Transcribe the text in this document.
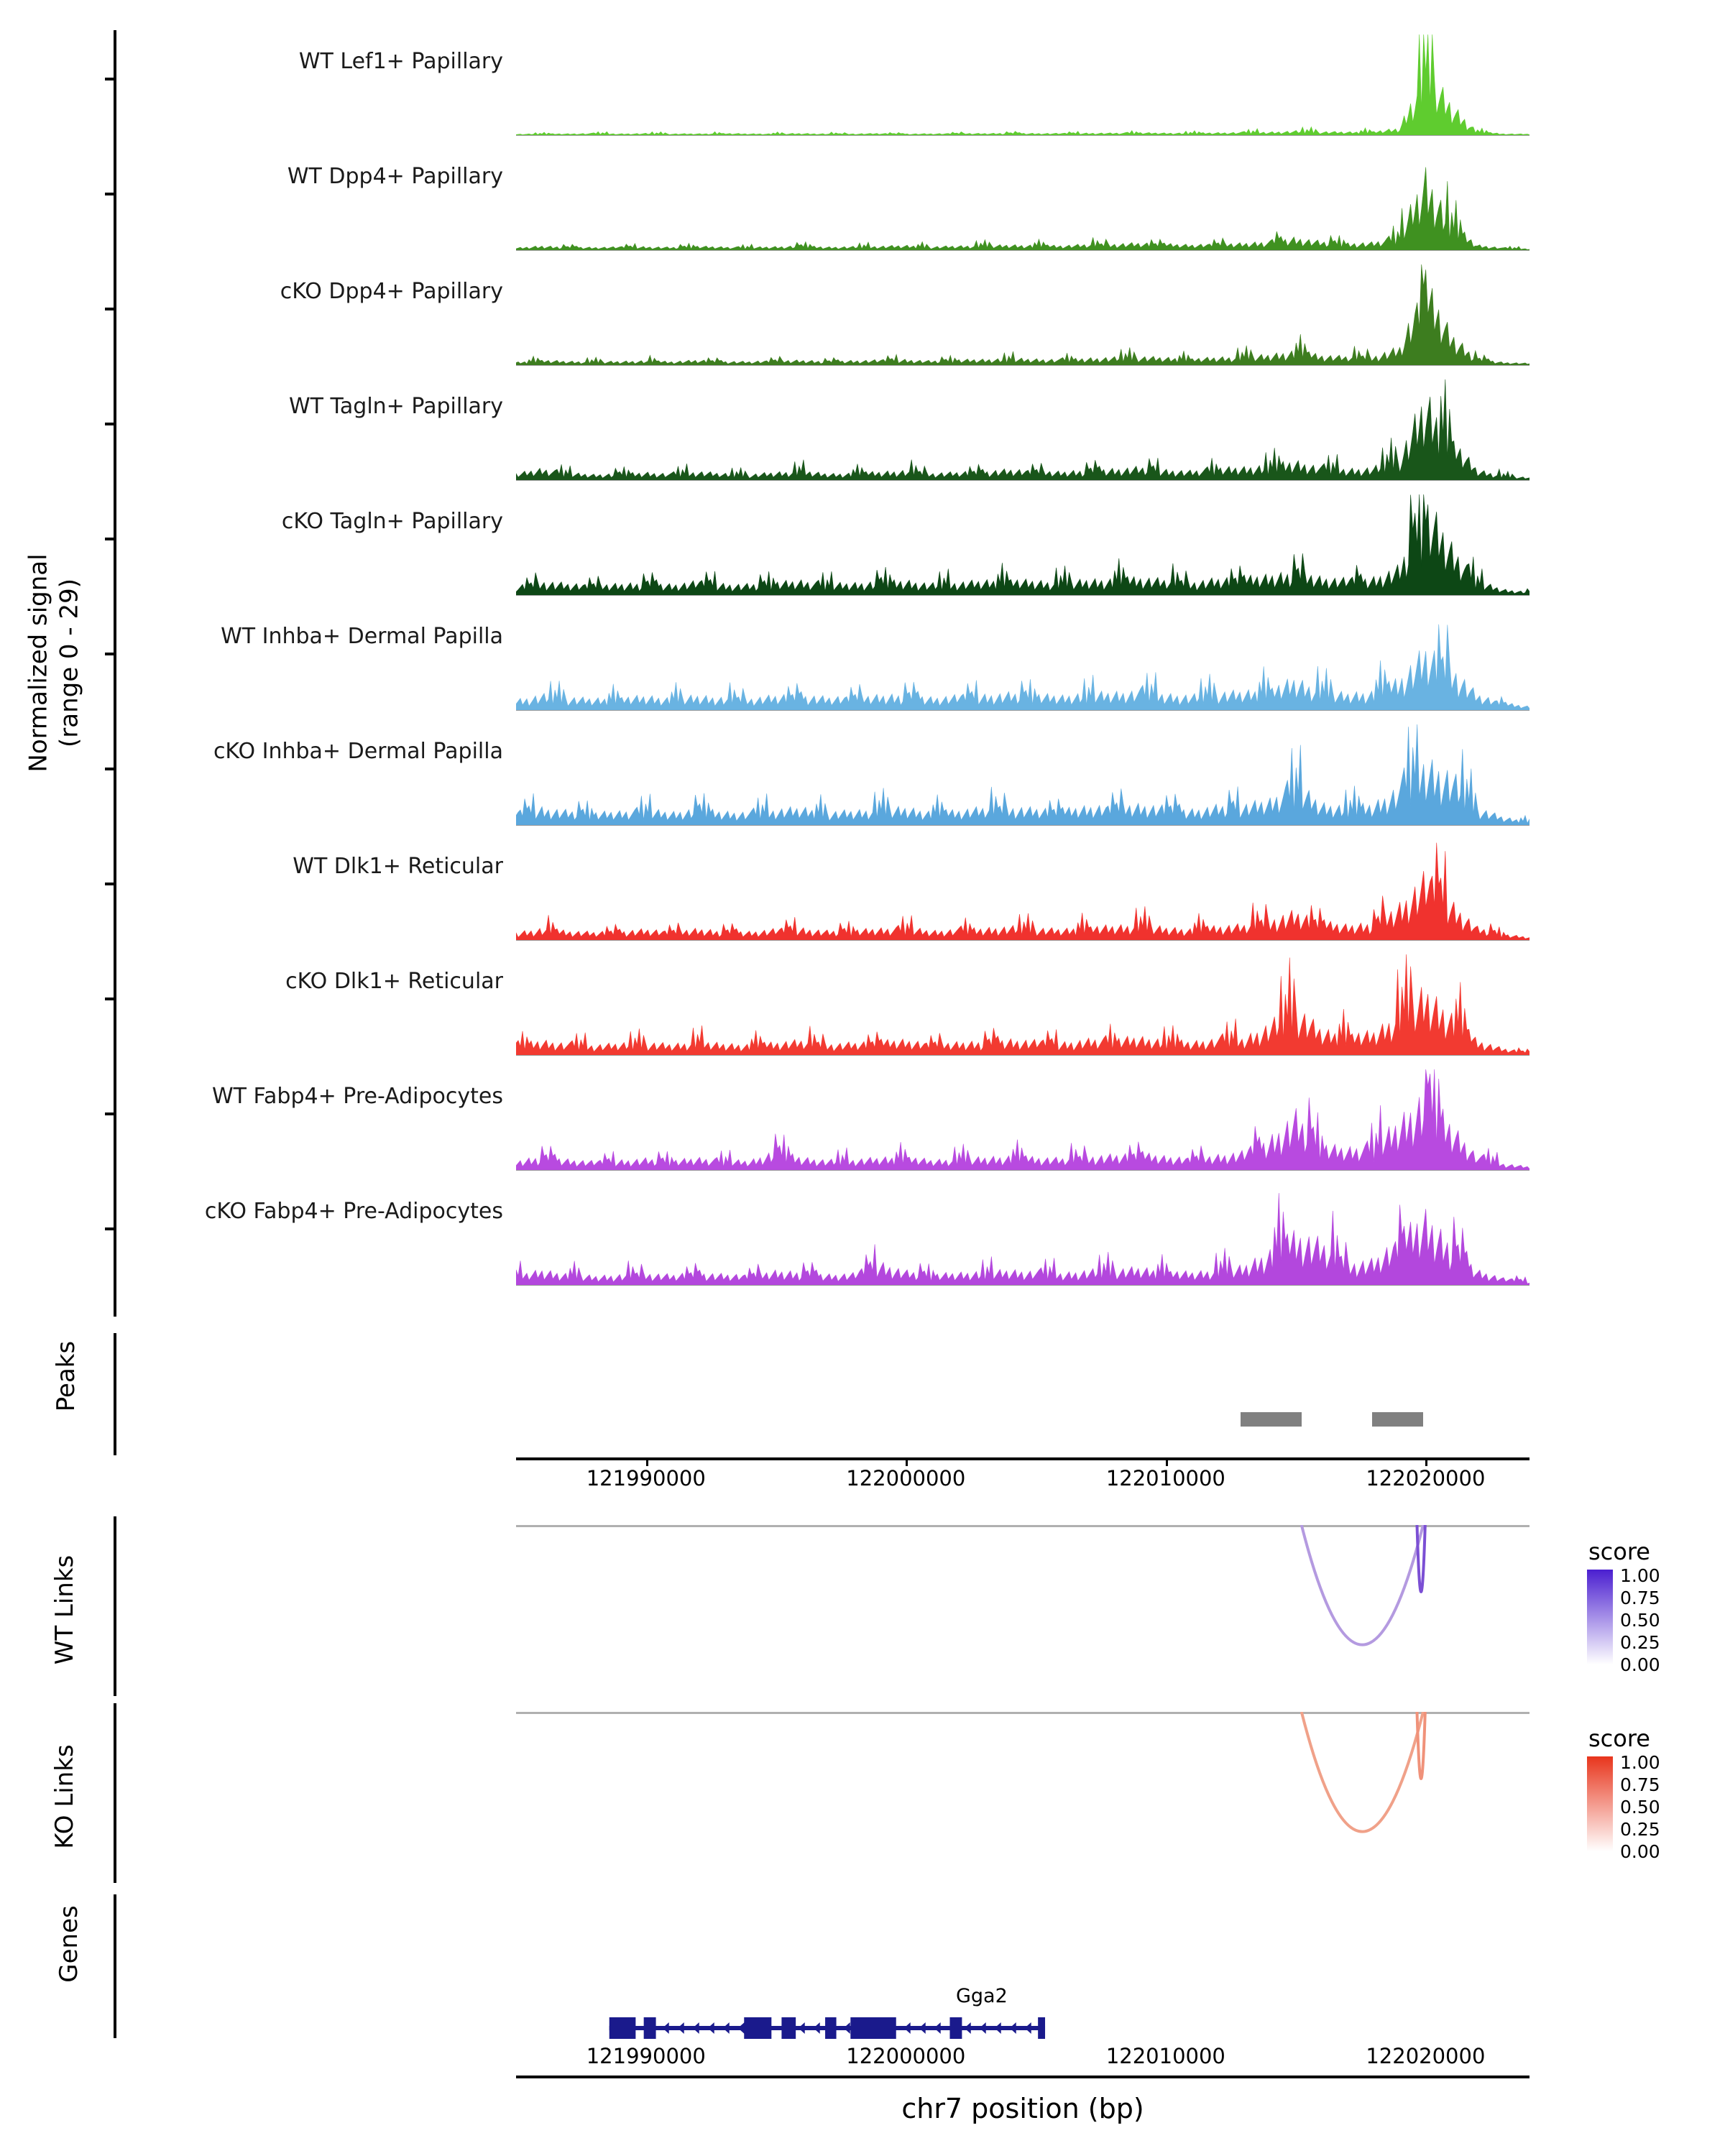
Normalized signal
(range 0 - 29)
WT Lef1+ Papillary
WT Dpp4+ Papillary
cKO Dpp4+ Papillary
WT Tagln+ Papillary
cKO Tagln+ Papillary
WT Inhba+ Dermal Papilla
cKO Inhba+ Dermal Papilla
WT Dlk1+ Reticular
cKO Dlk1+ Reticular
WT Fabp4+ Pre-Adipocytes
cKO Fabp4+ Pre-Adipocytes
Peaks
121990000	122000000	122010000	122020000
WT Links
score
1.00
0.75
0.50
0.25
0.00
KO Links
score
1.00
0.75
0.50
0.25
0.00
Genes
Gga2
121990000	122000000	122010000	122020000
chr7 position (bp)
